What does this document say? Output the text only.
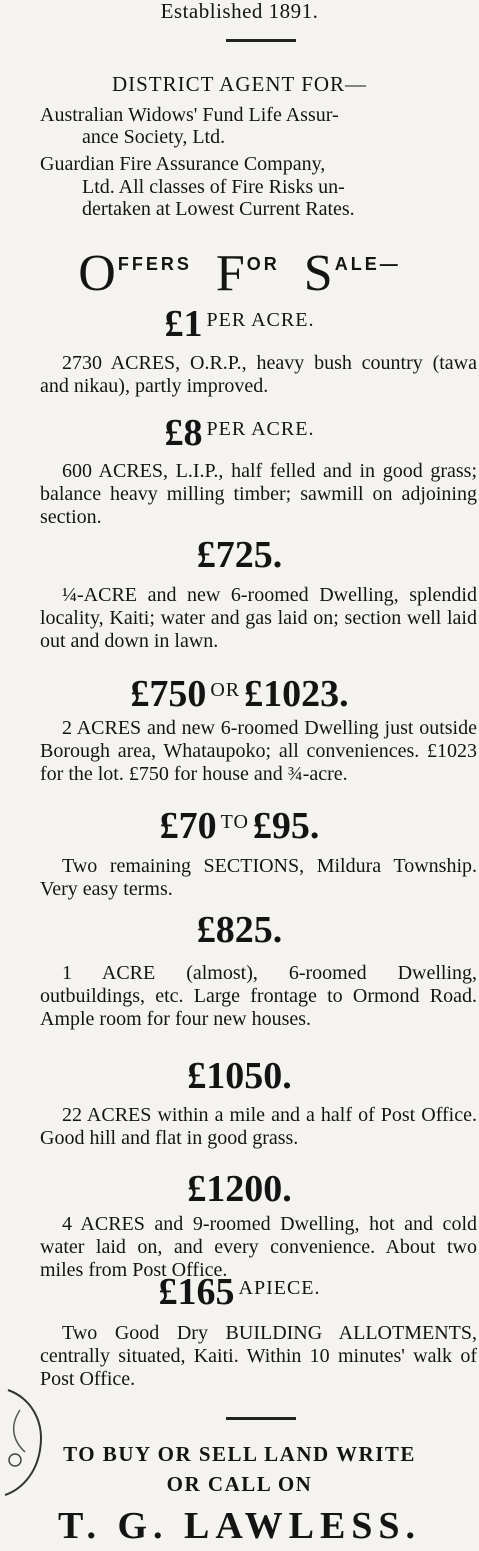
Established 1891.
DISTRICT AGENT FOR—
Australian Widows' Fund Life Assur-
ance Society, Ltd.
Guardian Fire Assurance Company,
Ltd. All classes of Fire Risks un-
dertaken at Lowest Current Rates.
$O^{FFERS}$ $F^{OR}$ $S^{ALE—}$
£1 PER ACRE.
2730 ACRES, O.R.P., heavy bush country (tawa and nikau), partly improved.
£8 PER ACRE.
600 ACRES, L.I.P., half felled and in good grass; balance heavy milling timber; sawmill on adjoining section.
£725.
¼-ACRE and new 6-roomed Dwelling, splendid locality, Kaiti; water and gas laid on; section well laid out and down in lawn.
£750 OR £1023.
2 ACRES and new 6-roomed Dwelling just outside Borough area, Whataupoko; all conveniences. £1023 for the lot. £750 for house and ¾-acre.
£70 TO £95.
Two remaining SECTIONS, Mildura Township. Very easy terms.
£825.
1 ACRE (almost), 6-roomed Dwelling, outbuildings, etc. Large frontage to Ormond Road. Ample room for four new houses.
£1050.
22 ACRES within a mile and a half of Post Office. Good hill and flat in good grass.
£1200.
4 ACRES and 9-roomed Dwelling, hot and cold water laid on, and every convenience. About two miles from Post Office.
£165 APIECE.
Two Good Dry BUILDING ALLOTMENTS, centrally situated, Kaiti. Within 10 minutes' walk of Post Office.
TO BUY OR SELL LAND WRITE
OR CALL ON
T. G. LAWLESS.
